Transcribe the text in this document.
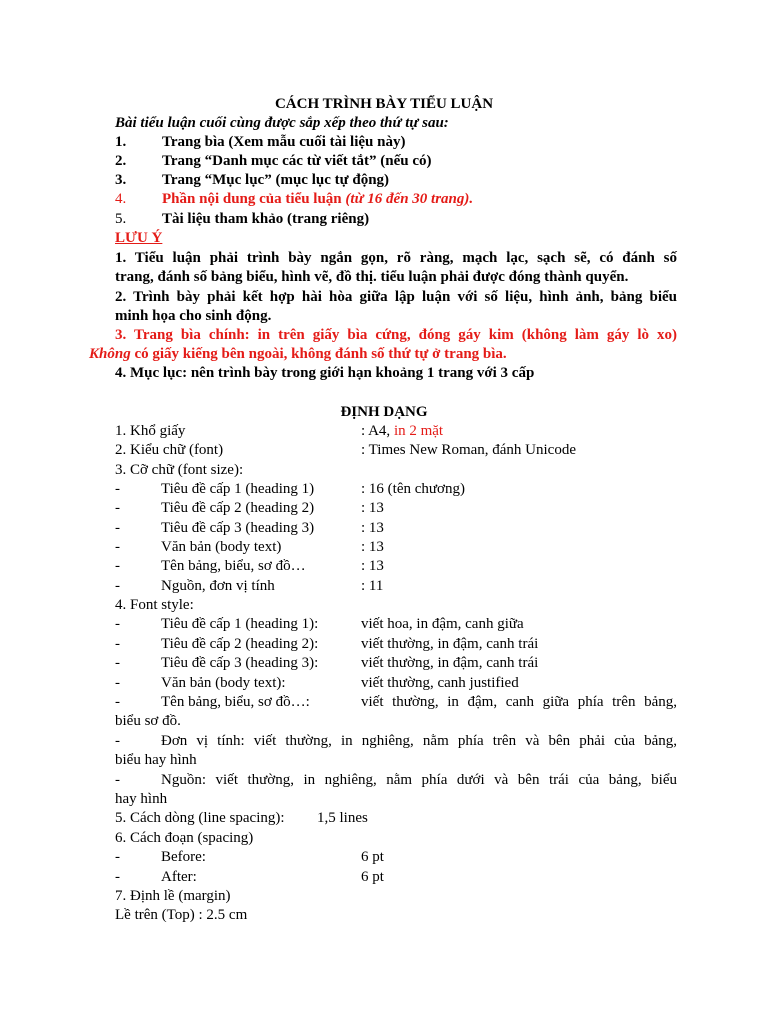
CÁCH TRÌNH BÀY TIỂU LUẬN
Bài tiểu luận cuối cùng được sắp xếp theo thứ tự sau:
1. Trang bìa (Xem mẫu cuối tài liệu này)
2. Trang “Danh mục các từ viết tắt” (nếu có)
3. Trang “Mục lục” (mục lục tự động)
4. Phần nội dung của tiểu luận (từ 16 đến 30 trang).
5. Tài liệu tham khảo (trang riêng)
LƯU Ý
1. Tiểu luận phải trình bày ngắn gọn, rõ ràng, mạch lạc, sạch sẽ, có đánh số
trang, đánh số bảng biểu, hình vẽ, đồ thị. tiểu luận phải được đóng thành quyển.
2. Trình bày phải kết hợp hài hòa giữa lập luận với số liệu, hình ảnh, bảng biểu
minh họa cho sinh động.
3. Trang bìa chính: in trên giấy bìa cứng, đóng gáy kim (không làm gáy lò xo)
Không có giấy kiếng bên ngoài, không đánh số thứ tự ở trang bìa.
4. Mục lục: nên trình bày trong giới hạn khoảng 1 trang với 3 cấp
ĐỊNH DẠNG
1. Khổ giấy	: A4, in 2 mặt
2. Kiểu chữ (font)	: Times New Roman, đánh Unicode
3. Cỡ chữ (font size):
-	Tiêu đề cấp 1 (heading 1)	: 16 (tên chương)
-	Tiêu đề cấp 2 (heading 2)	: 13
-	Tiêu đề cấp 3 (heading 3)	: 13
-	Văn bản (body text)	: 13
-	Tên bảng, biểu, sơ đồ…	: 13
-	Nguồn, đơn vị tính	: 11
4. Font style:
-	Tiêu đề cấp 1 (heading 1):	viết hoa, in đậm, canh giữa
-	Tiêu đề cấp 2 (heading 2):	viết thường, in đậm, canh trái
-	Tiêu đề cấp 3 (heading 3):	viết thường, in đậm, canh trái
-	Văn bản (body text):	viết thường, canh justified
-	Tên bảng, biểu, sơ đồ…:	viết thường, in đậm, canh giữa phía trên bảng,
biểu sơ đồ.
-	Đơn vị tính: viết thường, in nghiêng, nằm phía trên và bên phải của bảng,
biểu hay hình
-	Nguồn: viết thường, in nghiêng, nằm phía dưới và bên trái của bảng, biểu
hay hình
5. Cách dòng (line spacing): 1,5 lines
6. Cách đoạn (spacing)
-	Before:	6 pt
-	After:	6 pt
7. Định lề (margin)
Lề trên (Top) : 2.5 cm
